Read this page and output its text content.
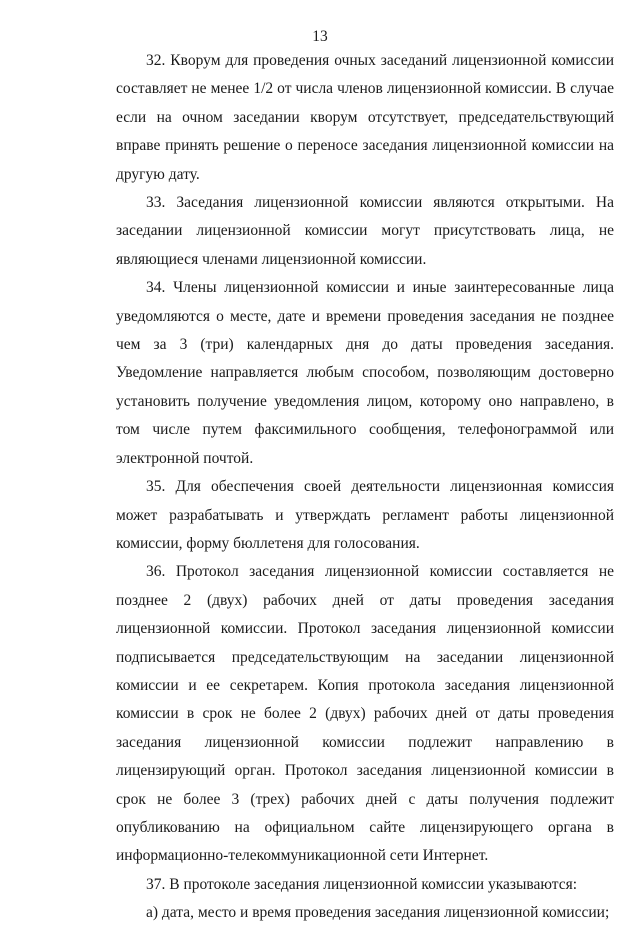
13

32. Кворум для проведения очных заседаний лицензионной комиссии составляет не менее 1/2 от числа членов лицензионной комиссии. В случае если на очном заседании кворум отсутствует, председательствующий вправе принять решение о переносе заседания лицензионной комиссии на другую дату.

33. Заседания лицензионной комиссии являются открытыми. На заседании лицензионной комиссии могут присутствовать лица, не являющиеся членами лицензионной комиссии.

34. Члены лицензионной комиссии и иные заинтересованные лица уведомляются о месте, дате и времени проведения заседания не позднее чем за 3 (три) календарных дня до даты проведения заседания. Уведомление направляется любым способом, позволяющим достоверно установить получение уведомления лицом, которому оно направлено, в том числе путем факсимильного сообщения, телефонограммой или электронной почтой.

35. Для обеспечения своей деятельности лицензионная комиссия может разрабатывать и утверждать регламент работы лицензионной комиссии, форму бюллетеня для голосования.

36. Протокол заседания лицензионной комиссии составляется не позднее 2 (двух) рабочих дней от даты проведения заседания лицензионной комиссии. Протокол заседания лицензионной комиссии подписывается председательствующим на заседании лицензионной комиссии и ее секретарем. Копия протокола заседания лицензионной комиссии в срок не более 2 (двух) рабочих дней от даты проведения заседания лицензионной комиссии подлежит направлению в лицензирующий орган. Протокол заседания лицензионной комиссии в срок не более 3 (трех) рабочих дней с даты получения подлежит опубликованию на официальном сайте лицензирующего органа в информационно-телекоммуникационной сети Интернет.

37. В протоколе заседания лицензионной комиссии указываются:

а) дата, место и время проведения заседания лицензионной комиссии;
